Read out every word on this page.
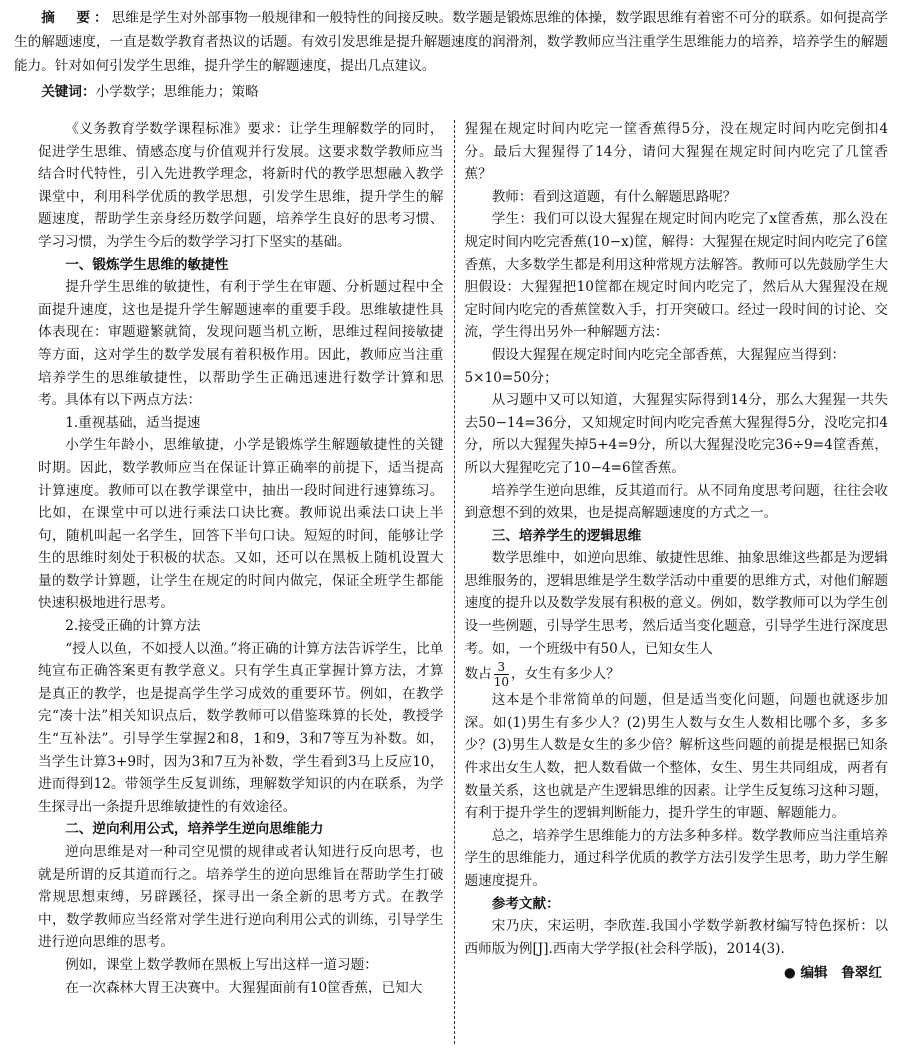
摘　要：思维是学生对外部事物一般规律和一般特性的间接反映。数学题是锻炼思维的体操，数学跟思维有着密不可分的联系。如何提高学生的解题速度，一直是数学教育者热议的话题。有效引发思维是提升解题速度的润滑剂，数学教师应当注重学生思维能力的培养，培养学生的解题能力。针对如何引发学生思维，提升学生的解题速度，提出几点建议。
关键词：小学数学；思维能力；策略

《义务教育学数学课程标准》要求：让学生理解数学的同时，促进学生思维、情感态度与价值观并行发展。这要求数学教师应当结合时代特性，引入先进教学理念，将新时代的教学思想融入教学课堂中，利用科学优质的教学思想，引发学生思维，提升学生的解题速度，帮助学生亲身经历数学问题，培养学生良好的思考习惯、学习习惯，为学生今后的数学学习打下坚实的基础。

一、锻炼学生思维的敏捷性

提升学生思维的敏捷性，有利于学生在审题、分析题过程中全面提升速度，这也是提升学生解题速率的重要手段。思维敏捷性具体表现在：审题避繁就简，发现问题当机立断，思维过程间接敏捷等方面，这对学生的数学发展有着积极作用。因此，教师应当注重培养学生的思维敏捷性，以帮助学生正确迅速进行数学计算和思考。具体有以下两点方法：

1.重视基础，适当提速

小学生年龄小，思维敏捷，小学是锻炼学生解题敏捷性的关键时期。因此，数学教师应当在保证计算正确率的前提下，适当提高计算速度。教师可以在教学课堂中，抽出一段时间进行速算练习。比如，在课堂中可以进行乘法口诀比赛。教师说出乘法口诀上半句，随机叫起一名学生，回答下半句口诀。短短的时间，能够让学生的思维时刻处于积极的状态。又如，还可以在黑板上随机设置大量的数学计算题，让学生在规定的时间内做完，保证全班学生都能快速积极地进行思考。

2.接受正确的计算方法

“授人以鱼，不如授人以渔。”将正确的计算方法告诉学生，比单纯宣布正确答案更有教学意义。只有学生真正掌握计算方法，才算是真正的教学，也是提高学生学习成效的重要环节。例如，在教学完“凑十法”相关知识点后，数学教师可以借鉴珠算的长处，教授学生“互补法”。引导学生掌握2和8，1和9，3和7等互为补数。如，当学生计算3+9时，因为3和7互为补数，学生看到3马上反应10，进而得到12。带领学生反复训练，理解数学知识的内在联系，为学生探寻出一条提升思维敏捷性的有效途径。

二、逆向利用公式，培养学生逆向思维能力

逆向思维是对一种司空见惯的规律或者认知进行反向思考，也就是所谓的反其道而行之。培养学生的逆向思维旨在帮助学生打破常规思想束缚，另辟蹊径，探寻出一条全新的思考方式。在教学中，数学教师应当经常对学生进行逆向利用公式的训练，引导学生进行逆向思维的思考。

例如，课堂上数学教师在黑板上写出这样一道习题：

在一次森林大胃王决赛中。大猩猩面前有10筐香蕉，已知大

猩猩在规定时间内吃完一筐香蕉得5分，没在规定时间内吃完倒扣4分。最后大猩猩得了14分，请问大猩猩在规定时间内吃完了几筐香蕉？

教师：看到这道题，有什么解题思路呢？

学生：我们可以设大猩猩在规定时间内吃完了x筐香蕉，那么没在规定时间内吃完香蕉(10−x)筐，解得：大猩猩在规定时间内吃完了6筐香蕉，大多数学生都是利用这种常规方法解答。教师可以先鼓励学生大胆假设：大猩猩把10筐都在规定时间内吃完了，然后从大猩猩没在规定时间内吃完的香蕉筐数入手，打开突破口。经过一段时间的讨论、交流，学生得出另外一种解题方法：

假设大猩猩在规定时间内吃完全部香蕉，大猩猩应当得到：

5×10=50分；

从习题中又可以知道，大猩猩实际得到14分，那么大猩猩一共失去50−14=36分，又知规定时间内吃完香蕉大猩猩得5分，没吃完扣4分，所以大猩猩失掉5+4=9分，所以大猩猩没吃完36÷9=4筐香蕉，所以大猩猩吃完了10−4=6筐香蕉。

培养学生逆向思维，反其道而行。从不同角度思考问题，往往会收到意想不到的效果，也是提高解题速度的方式之一。

三、培养学生的逻辑思维

数学思维中，如逆向思维、敏捷性思维、抽象思维这些都是为逻辑思维服务的，逻辑思维是学生数学活动中重要的思维方式，对他们解题速度的提升以及数学发展有积极的意义。例如，数学教师可以为学生创设一些例题，引导学生思考，然后适当变化题意，引导学生进行深度思考。如，一个班级中有50人，已知女生人

数占 $\frac{3}{10}$ ，女生有多少人？

这本是个非常简单的问题，但是适当变化问题，问题也就逐步加深。如(1)男生有多少人？(2)男生人数与女生人数相比哪个多，多多少？(3)男生人数是女生的多少倍？解析这些问题的前提是根据已知条件求出女生人数，把人数看做一个整体，女生、男生共同组成，两者有数量关系，这也就是产生逻辑思维的因素。让学生反复练习这种习题，有利于提升学生的逻辑判断能力，提升学生的审题、解题能力。

总之，培养学生思维能力的方法多种多样。数学教师应当注重培养学生的思维能力，通过科学优质的教学方法引发学生思考，助力学生解题速度提升。

参考文献：

宋乃庆，宋运明，李欣莲.我国小学数学新教材编写特色探析：以西师版为例[J].西南大学学报(社会科学版)，2014(3).

● 编辑　鲁翠红
